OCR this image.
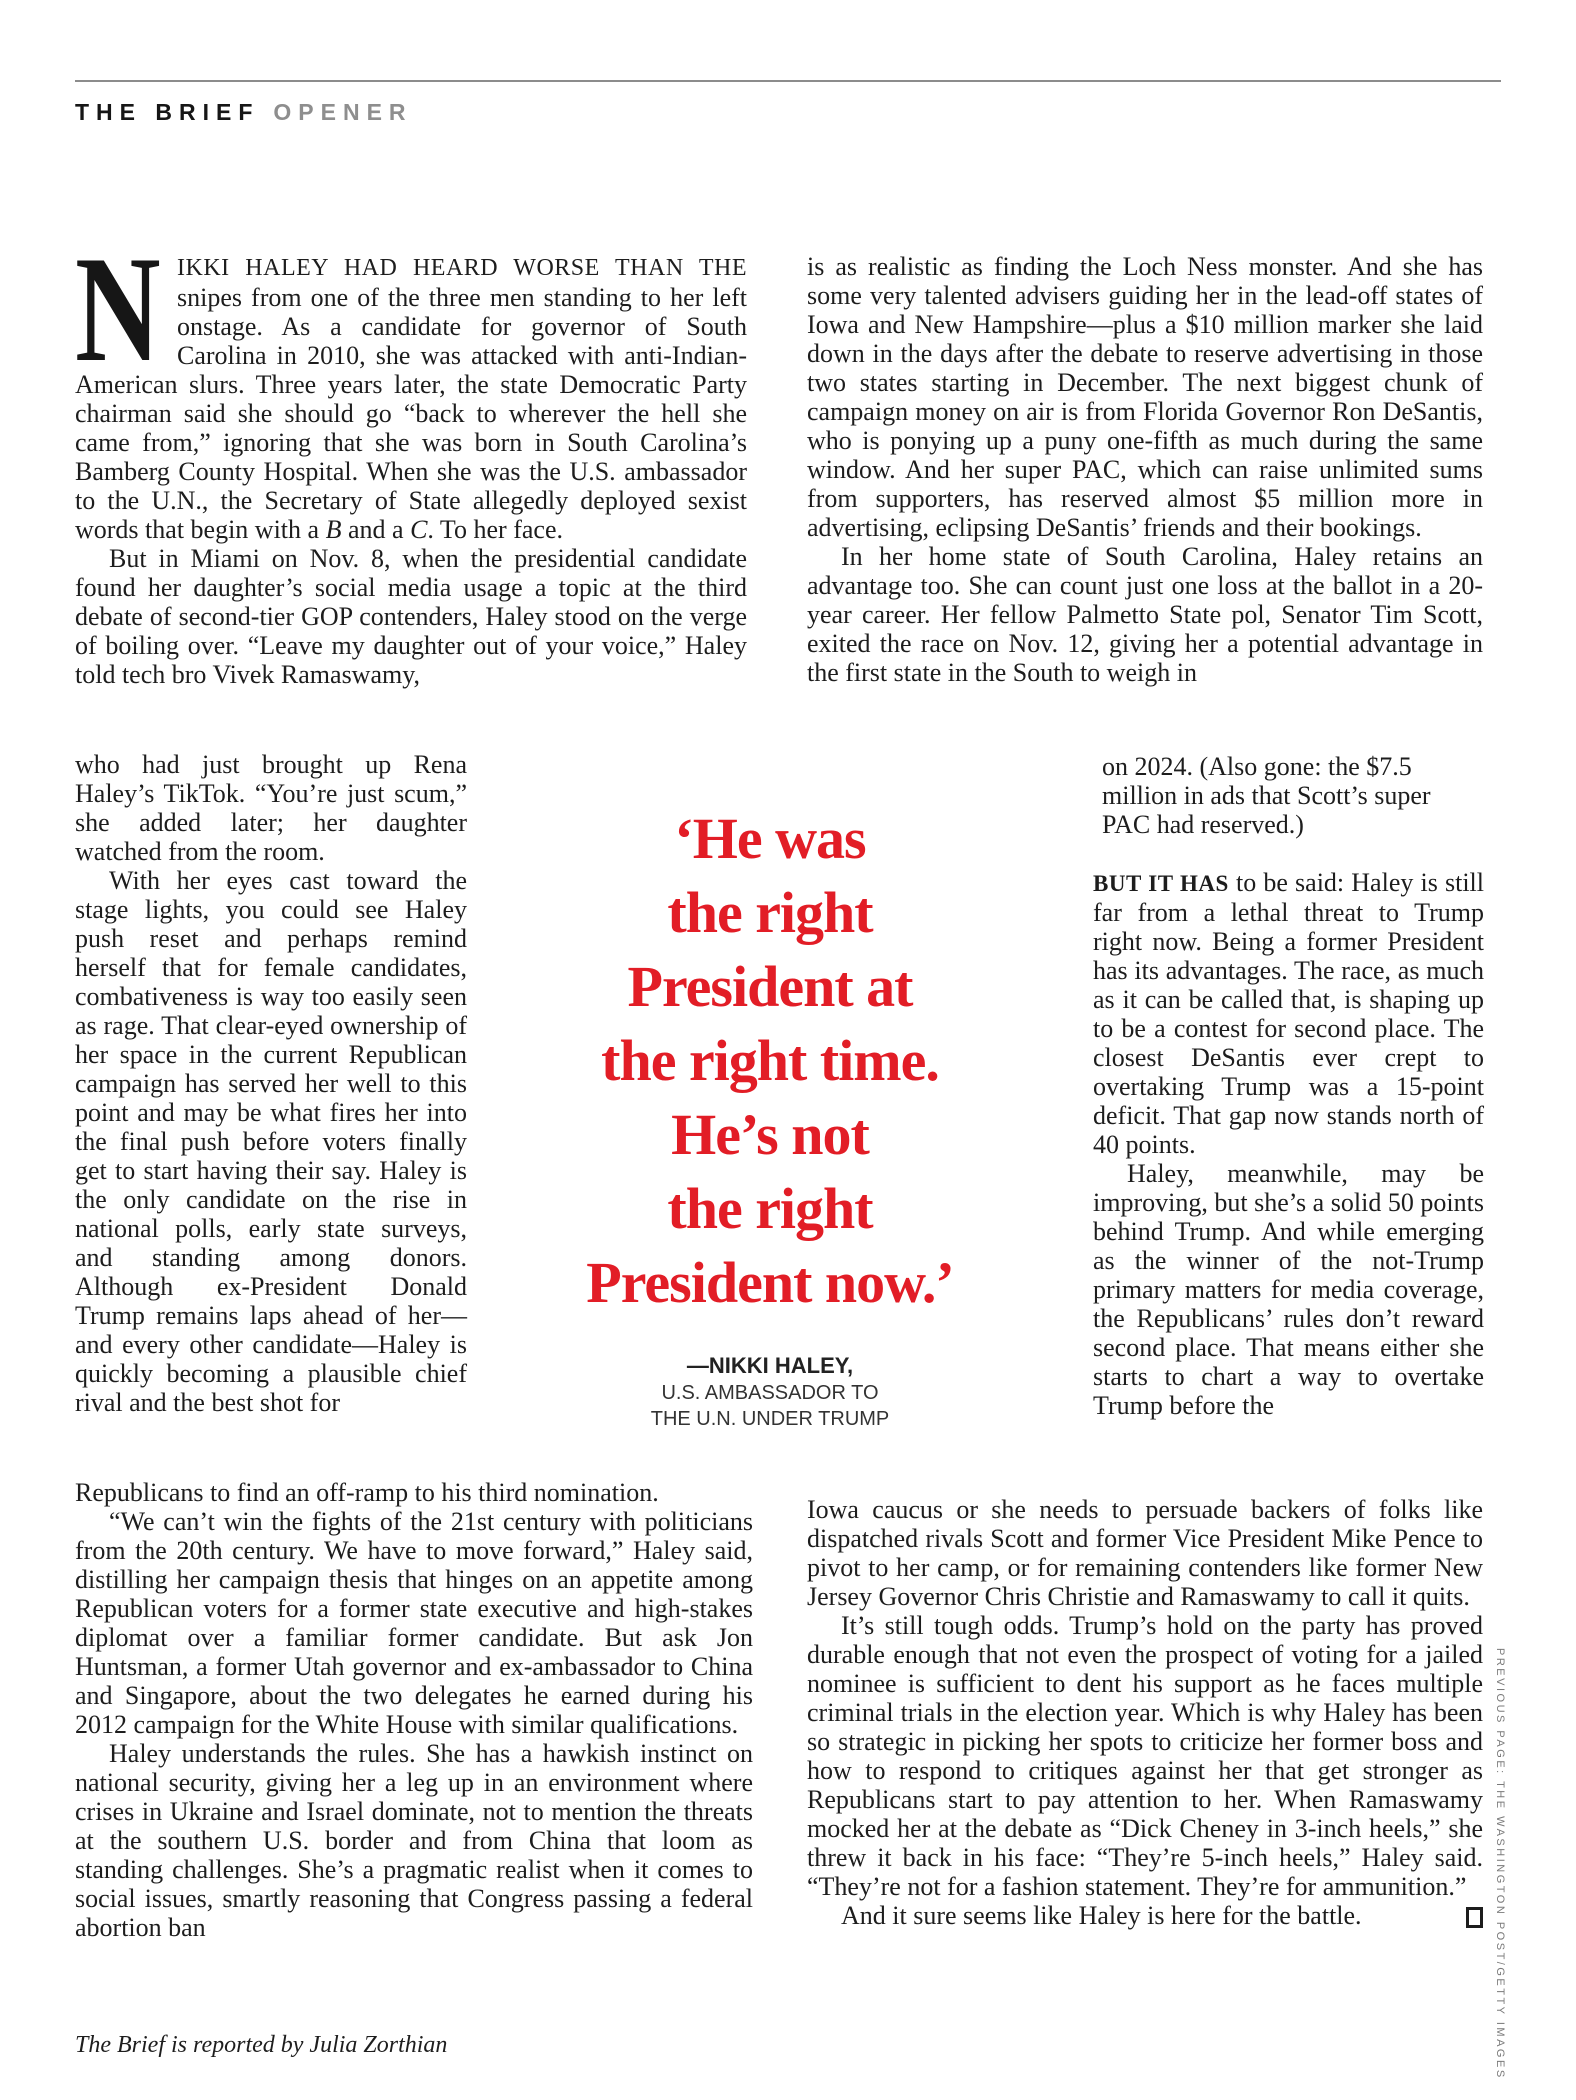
THE BRIEF OPENER

NIKKI HALEY HAD HEARD WORSE THAN THE snipes from one of the three men standing to her left onstage. As a candidate for governor of South Carolina in 2010, she was attacked with anti-Indian-American slurs. Three years later, the state Democratic Party chairman said she should go “back to wherever the hell she came from,” ignoring that she was born in South Carolina’s Bamberg County Hospital. When she was the U.S. ambassador to the U.N., the Secretary of State allegedly deployed sexist words that begin with a B and a C. To her face.

But in Miami on Nov. 8, when the presidential candidate found her daughter’s social media usage a topic at the third debate of second-tier GOP contenders, Haley stood on the verge of boiling over. “Leave my daughter out of your voice,” Haley told tech bro Vivek Ramaswamy,

who had just brought up Rena Haley’s TikTok. “You’re just scum,” she added later; her daughter watched from the room.

With her eyes cast toward the stage lights, you could see Haley push reset and perhaps remind herself that for female candidates, combativeness is way too easily seen as rage. That clear-eyed ownership of her space in the current Republican campaign has served her well to this point and may be what fires her into the final push before voters finally get to start having their say. Haley is the only candidate on the rise in national polls, early state surveys, and standing among donors. Although ex-President Donald Trump remains laps ahead of her—and every other candidate—Haley is quickly becoming a plausible chief rival and the best shot for

Republicans to find an off-ramp to his third nomination.

“We can’t win the fights of the 21st century with politicians from the 20th century. We have to move forward,” Haley said, distilling her campaign thesis that hinges on an appetite among Republican voters for a former state executive and high-stakes diplomat over a familiar former candidate. But ask Jon Huntsman, a former Utah governor and ex-ambassador to China and Singapore, about the two delegates he earned during his 2012 campaign for the White House with similar qualifications.

Haley understands the rules. She has a hawkish instinct on national security, giving her a leg up in an environment where crises in Ukraine and Israel dominate, not to mention the threats at the southern U.S. border and from China that loom as standing challenges. She’s a pragmatic realist when it comes to social issues, smartly reasoning that Congress passing a federal abortion ban

is as realistic as finding the Loch Ness monster. And she has some very talented advisers guiding her in the lead-off states of Iowa and New Hampshire—plus a $10 million marker she laid down in the days after the debate to reserve advertising in those two states starting in December. The next biggest chunk of campaign money on air is from Florida Governor Ron DeSantis, who is ponying up a puny one-fifth as much during the same window. And her super PAC, which can raise unlimited sums from supporters, has reserved almost $5 million more in advertising, eclipsing DeSantis’ friends and their bookings.

In her home state of South Carolina, Haley retains an advantage too. She can count just one loss at the ballot in a 20-year career. Her fellow Palmetto State pol, Senator Tim Scott, exited the race on Nov. 12, giving her a potential advantage in the first state in the South to weigh in

on 2024. (Also gone: the $7.5 million in ads that Scott’s super PAC had reserved.)

BUT IT HAS to be said: Haley is still far from a lethal threat to Trump right now. Being a former President has its advantages. The race, as much as it can be called that, is shaping up to be a contest for second place. The closest DeSantis ever crept to overtaking Trump was a 15-point deficit. That gap now stands north of 40 points.

Haley, meanwhile, may be improving, but she’s a solid 50 points behind Trump. And while emerging as the winner of the not-Trump primary matters for media coverage, the Republicans’ rules don’t reward second place. That means either she starts to chart a way to overtake Trump before the

Iowa caucus or she needs to persuade backers of folks like dispatched rivals Scott and former Vice President Mike Pence to pivot to her camp, or for remaining contenders like former New Jersey Governor Chris Christie and Ramaswamy to call it quits.

It’s still tough odds. Trump’s hold on the party has proved durable enough that not even the prospect of voting for a jailed nominee is sufficient to dent his support as he faces multiple criminal trials in the election year. Which is why Haley has been so strategic in picking her spots to criticize her former boss and how to respond to critiques against her that get stronger as Republicans start to pay attention to her. When Ramaswamy mocked her at the debate as “Dick Cheney in 3-inch heels,” she threw it back in his face: “They’re 5-inch heels,” Haley said. “They’re not for a fashion statement. They’re for ammunition.”

And it sure seems like Haley is here for the battle.

‘He was
the right
President at
the right time.
He’s not
the right
President now.’
—NIKKI HALEY,
U.S. AMBASSADOR TO
THE U.N. UNDER TRUMP
The Brief is reported by Julia Zorthian	PREVIOUS PAGE: THE WASHINGTON POST/GETTY IMAGES
